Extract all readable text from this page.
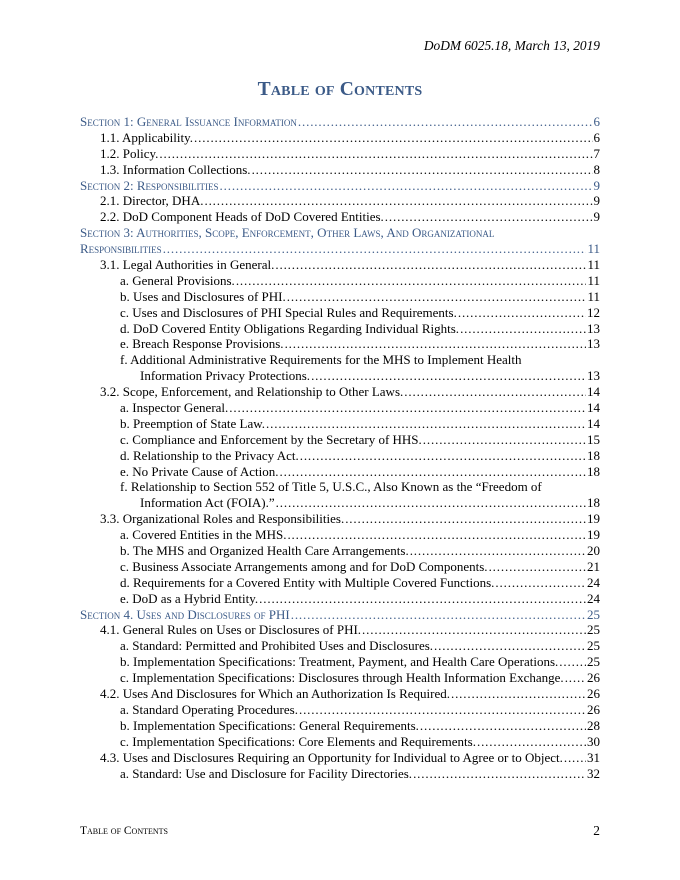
DoDM 6025.18, March 13, 2019
Table of Contents
Section 1: General Issuance Information . . .	6
1.1. Applicability. . . .	6
1.2. Policy. . . .	7
1.3. Information Collections. . . .	8
Section 2: Responsibilities . . .	9
2.1. Director, DHA. . . .	9
2.2. DoD Component Heads of DoD Covered Entities. . . .	9
Section 3: Authorities, Scope, Enforcement, Other Laws, And Organizational
Responsibilities . . .	11
3.1. Legal Authorities in General. . . .	11
a. General Provisions. . . .	11
b. Uses and Disclosures of PHI. . . .	11
c. Uses and Disclosures of PHI Special Rules and Requirements. . . .	12
d. DoD Covered Entity Obligations Regarding Individual Rights. . . .	13
e. Breach Response Provisions. . . .	13
f. Additional Administrative Requirements for the MHS to Implement Health
Information Privacy Protections. . . .	13
3.2. Scope, Enforcement, and Relationship to Other Laws. . . .	14
a. Inspector General. . . .	14
b. Preemption of State Law. . . .	14
c. Compliance and Enforcement by the Secretary of HHS. . . .	15
d. Relationship to the Privacy Act. . . .	18
e. No Private Cause of Action. . . .	18
f. Relationship to Section 552 of Title 5, U.S.C., Also Known as the “Freedom of
Information Act (FOIA).” . . .	18
3.3. Organizational Roles and Responsibilities. . . .	19
a. Covered Entities in the MHS. . . .	19
b. The MHS and Organized Health Care Arrangements. . . .	20
c. Business Associate Arrangements among and for DoD Components. . . .	21
d. Requirements for a Covered Entity with Multiple Covered Functions. . . .	24
e. DoD as a Hybrid Entity. . . .	24
Section 4. Uses and Disclosures of PHI . . .	25
4.1. General Rules on Uses or Disclosures of PHI. . . .	25
a. Standard: Permitted and Prohibited Uses and Disclosures. . . .	25
b. Implementation Specifications: Treatment, Payment, and Health Care Operations. . . . 25
c. Implementation Specifications: Disclosures through Health Information Exchange. . . . 26
4.2. Uses And Disclosures for Which an Authorization Is Required. . . .	26
a. Standard Operating Procedures. . . .	26
b. Implementation Specifications: General Requirements. . . .	28
c. Implementation Specifications: Core Elements and Requirements. . . .	30
4.3. Uses and Disclosures Requiring an Opportunity for Individual to Agree or to Object. . . . 31
a. Standard: Use and Disclosure for Facility Directories. . . .	32
Table of Contents	2
